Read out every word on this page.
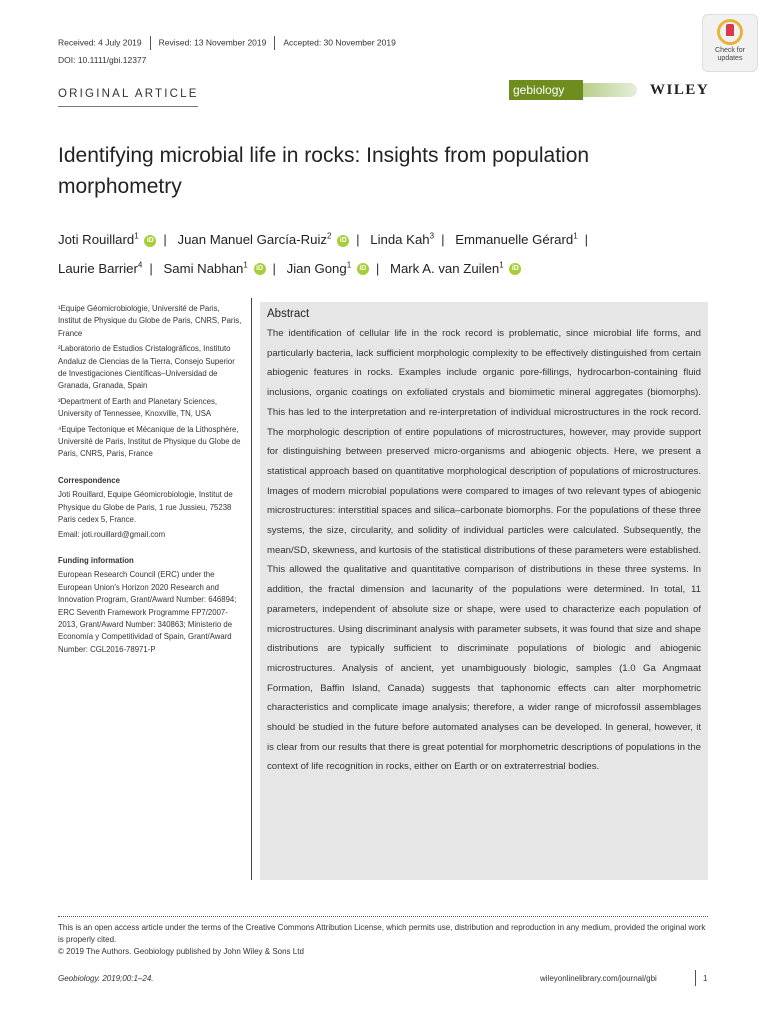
Received: 4 July 2019 Revised: 13 November 2019 Accepted: 30 November 2019
DOI: 10.1111/gbi.12377
ORIGINAL ARTICLE
Check for updates
gebiology	WILEY
Identifying microbial life in rocks: Insights from population morphometry
Joti Rouillard$^1$ iD | Juan Manuel García‐Ruiz$^2$ iD | Linda Kah$^3$ | Emmanuelle Gérard$^1$ |
Laurie Barrier$^4$ | Sami Nabhan$^1$ iD | Jian Gong$^1$ iD | Mark A. van Zuilen$^1$ iD

¹Equipe Géomicrobiologie, Université de Paris, Institut de Physique du Globe de Paris, CNRS, Paris, France

²Laboratorio de Estudios Cristalográficos, Instituto Andaluz de Ciencias de la Tierra, Consejo Superior de Investigaciones Científicas–Universidad de Granada, Granada, Spain

³Department of Earth and Planetary Sciences, University of Tennessee, Knoxville, TN, USA

⁴Equipe Tectonique et Mécanique de la Lithosphère, Université de Paris, Institut de Physique du Globe de Paris, CNRS, Paris, France

Correspondence

Joti Rouillard, Equipe Géomicrobiologie, Institut de Physique du Globe de Paris, 1 rue Jussieu, 75238 Paris cedex 5, France.

Email: joti.rouillard@gmail.com

Funding information

European Research Council (ERC) under the European Union's Horizon 2020 Research and Innovation Program, Grant/Award Number: 646894; ERC Seventh Framework Programme FP7/2007‐2013, Grant/Award Number: 340863; Ministerio de Economía y Competitividad of Spain, Grant/Award Number: CGL2016‐78971‐P

Abstract
The identification of cellular life in the rock record is problematic, since microbial life forms, and particularly bacteria, lack sufficient morphologic complexity to be effectively distinguished from certain abiogenic features in rocks. Examples include organic pore‐fillings, hydrocarbon‐containing fluid inclusions, organic coatings on exfoliated crystals and biomimetic mineral aggregates (biomorphs). This has led to the interpretation and re‐interpretation of individual microstructures in the rock record. The morphologic description of entire populations of microstructures, however, may provide support for distinguishing between preserved micro‐organisms and abiogenic objects. Here, we present a statistical approach based on quantitative morphological description of populations of microstructures. Images of modern microbial populations were compared to images of two relevant types of abiogenic microstructures: interstitial spaces and silica–carbonate biomorphs. For the populations of these three systems, the size, circularity, and solidity of individual particles were calculated. Subsequently, the mean/SD, skewness, and kurtosis of the statistical distributions of these parameters were established. This allowed the qualitative and quantitative comparison of distributions in these three systems. In addition, the fractal dimension and lacunarity of the populations were determined. In total, 11 parameters, independent of absolute size or shape, were used to characterize each population of microstructures. Using discriminant analysis with parameter subsets, it was found that size and shape distributions are typically sufficient to discriminate populations of biologic and abiogenic microstructures. Analysis of ancient, yet unambiguously biologic, samples (1.0 Ga Angmaat Formation, Baffin Island, Canada) suggests that taphonomic effects can alter morphometric characteristics and complicate image analysis; therefore, a wider range of microfossil assemblages should be studied in the future before automated analyses can be developed. In general, however, it is clear from our results that there is great potential for morphometric descriptions of populations in the context of life recognition in rocks, either on Earth or on extraterrestrial bodies.
This is an open access article under the terms of the Creative Commons Attribution License, which permits use, distribution and reproduction in any medium, provided the original work is properly cited.
© 2019 The Authors. Geobiology published by John Wiley & Sons Ltd
Geobiology. 2019;00:1–24.	wileyonlinelibrary.com/journal/gbi	1
